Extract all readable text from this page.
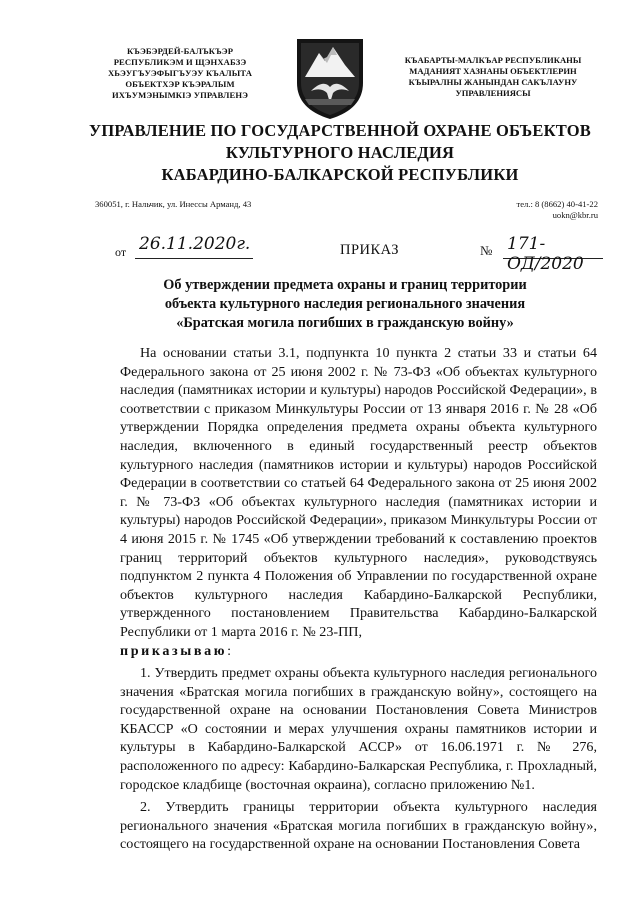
КЪЭБЭРДЕЙ-БАЛЪКЪЭР
РЕСПУБЛИКЭМ И ЩЭНХАБЗЭ
ХЬЭУГЪУЭФЫГЪУЭУ КЪАЛЫТА
ОБЪЕКТХЭР КЪЭРАЛЫМ
ИХЪУМЭНЫМКІЭ УПРАВЛЕНЭ
КЪАБАРТЫ-МАЛКЪАР РЕСПУБЛИКАНЫ
МАДАНИЯТ ХАЗНАНЫ ОБЪЕКТЛЕРИН
КЪЫРАЛНЫ ЖАНЫНДАН САКЪЛАУНУ
УПРАВЛЕНИЯСЫ
УПРАВЛЕНИЕ ПО ГОСУДАРСТВЕННОЙ ОХРАНЕ ОБЪЕКТОВ
КУЛЬТУРНОГО НАСЛЕДИЯ
КАБАРДИНО-БАЛКАРСКОЙ РЕСПУБЛИКИ
360051, г. Нальчик, ул. Инессы Арманд, 43	тел.: 8 (8662) 40-41-22
uokn@kbr.ru
от 26.11.2020г.	ПРИКАЗ	№ 171-ОД/2020
Об утверждении предмета охраны и границ территории
объекта культурного наследия регионального значения
«Братская могила погибших в гражданскую войну»

На основании статьи 3.1, подпункта 10 пункта 2 статьи 33 и статьи 64 Федерального закона от 25 июня 2002 г. № 73-ФЗ «Об объектах культурного наследия (памятниках истории и культуры) народов Российской Федерации», в соответствии с приказом Минкультуры России от 13 января 2016 г. № 28 «Об утверждении Порядка определения предмета охраны объекта культурного наследия, включенного в единый государственный реестр объектов культурного наследия (памятников истории и культуры) народов Российской Федерации в соответствии со статьей 64 Федерального закона от 25 июня 2002 г. № 73-ФЗ «Об объектах культурного наследия (памятниках истории и культуры) народов Российской Федерации», приказом Минкультуры России от 4 июня 2015 г. № 1745 «Об утверждении требований к составлению проектов границ территорий объектов культурного наследия», руководствуясь подпунктом 2 пункта 4 Положения об Управлении по государственной охране объектов культурного наследия Кабардино-Балкарской Республики, утвержденного постановлением Правительства Кабардино-Балкарской Республики от 1 марта 2016 г. № 23-ПП,
приказываю:

1. Утвердить предмет охраны объекта культурного наследия регионального значения «Братская могила погибших в гражданскую войну», состоящего на государственной охране на основании Постановления Совета Министров КБАССР «О состоянии и мерах улучшения охраны памятников истории и культуры в Кабардино-Балкарской АССР» от 16.06.1971 г. № 276, расположенного по адресу: Кабардино-Балкарская Республика, г. Прохладный, городское кладбище (восточная окраина), согласно приложению №1.

2. Утвердить границы территории объекта культурного наследия регионального значения «Братская могила погибших в гражданскую войну», состоящего на государственной охране на основании Постановления Совета
